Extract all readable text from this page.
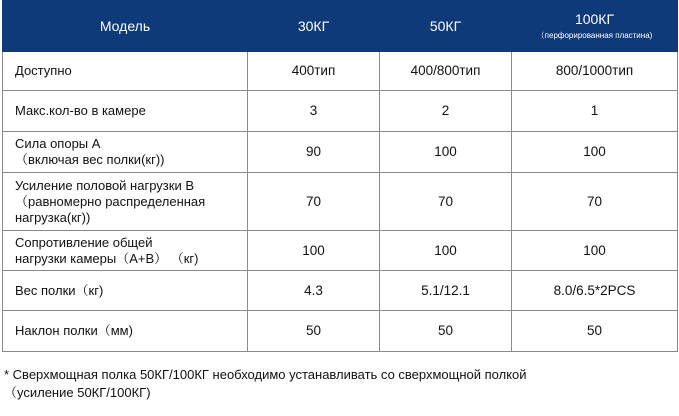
Модель	30КГ	50КГ	100КГ
（перфорированная пластина)

Доступно	400тип	400/800тип	800/1000тип

Макс.кол-во в камере	3	2	1

Сила опоры A
（включая вес полки(кг))	90	100	100

Усиление половой нагрузки B
（равномерно распределенная
нагрузка(кг))	70	70	70

Сопротивление общей
нагрузки камеры（A+B） （кг)	100	100	100

Вес полки（кг)	4.3	5.1/12.1	8.0/6.5*2PCS

Наклон полки（мм)	50	50	50
* Сверхмощная полка 50КГ/100КГ необходимо устанавливать со сверхмощной полкой
（усиление 50КГ/100КГ)
